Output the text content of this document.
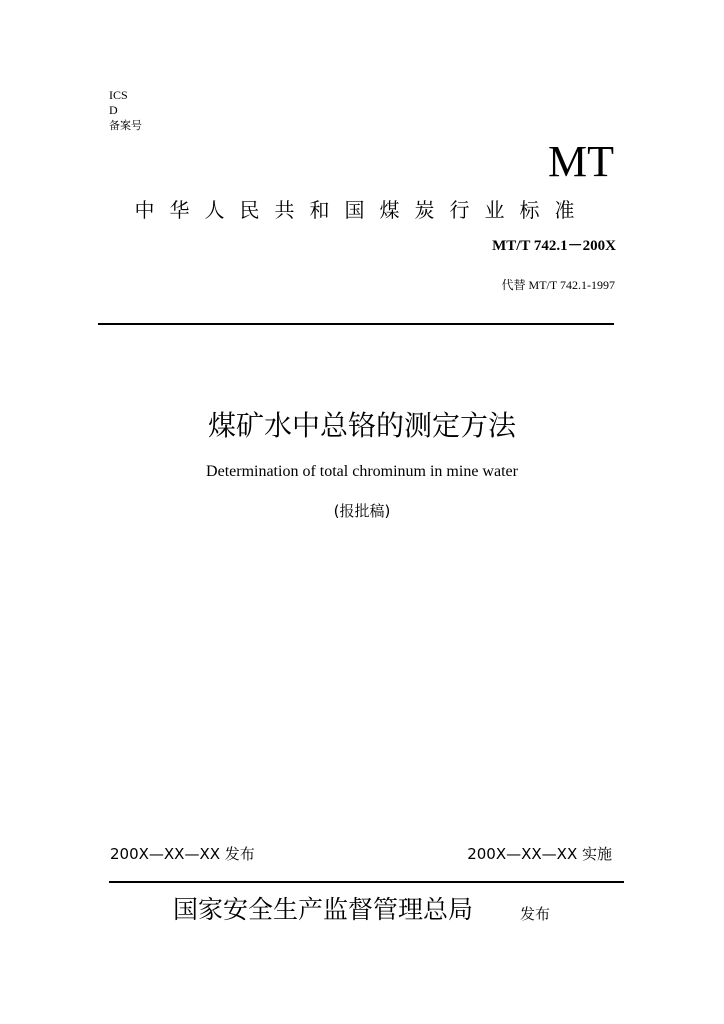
ICS
D
备案号
MT
中华人民共和国煤炭行业标准
MT/T 742.1－200X
代替 MT/T 742.1-1997
煤矿水中总铬的测定方法
Determination of total chrominum in mine water
(报批稿)
200X—XX—XX 发布	200X—XX—XX 实施
国家安全生产监督管理总局	发布
